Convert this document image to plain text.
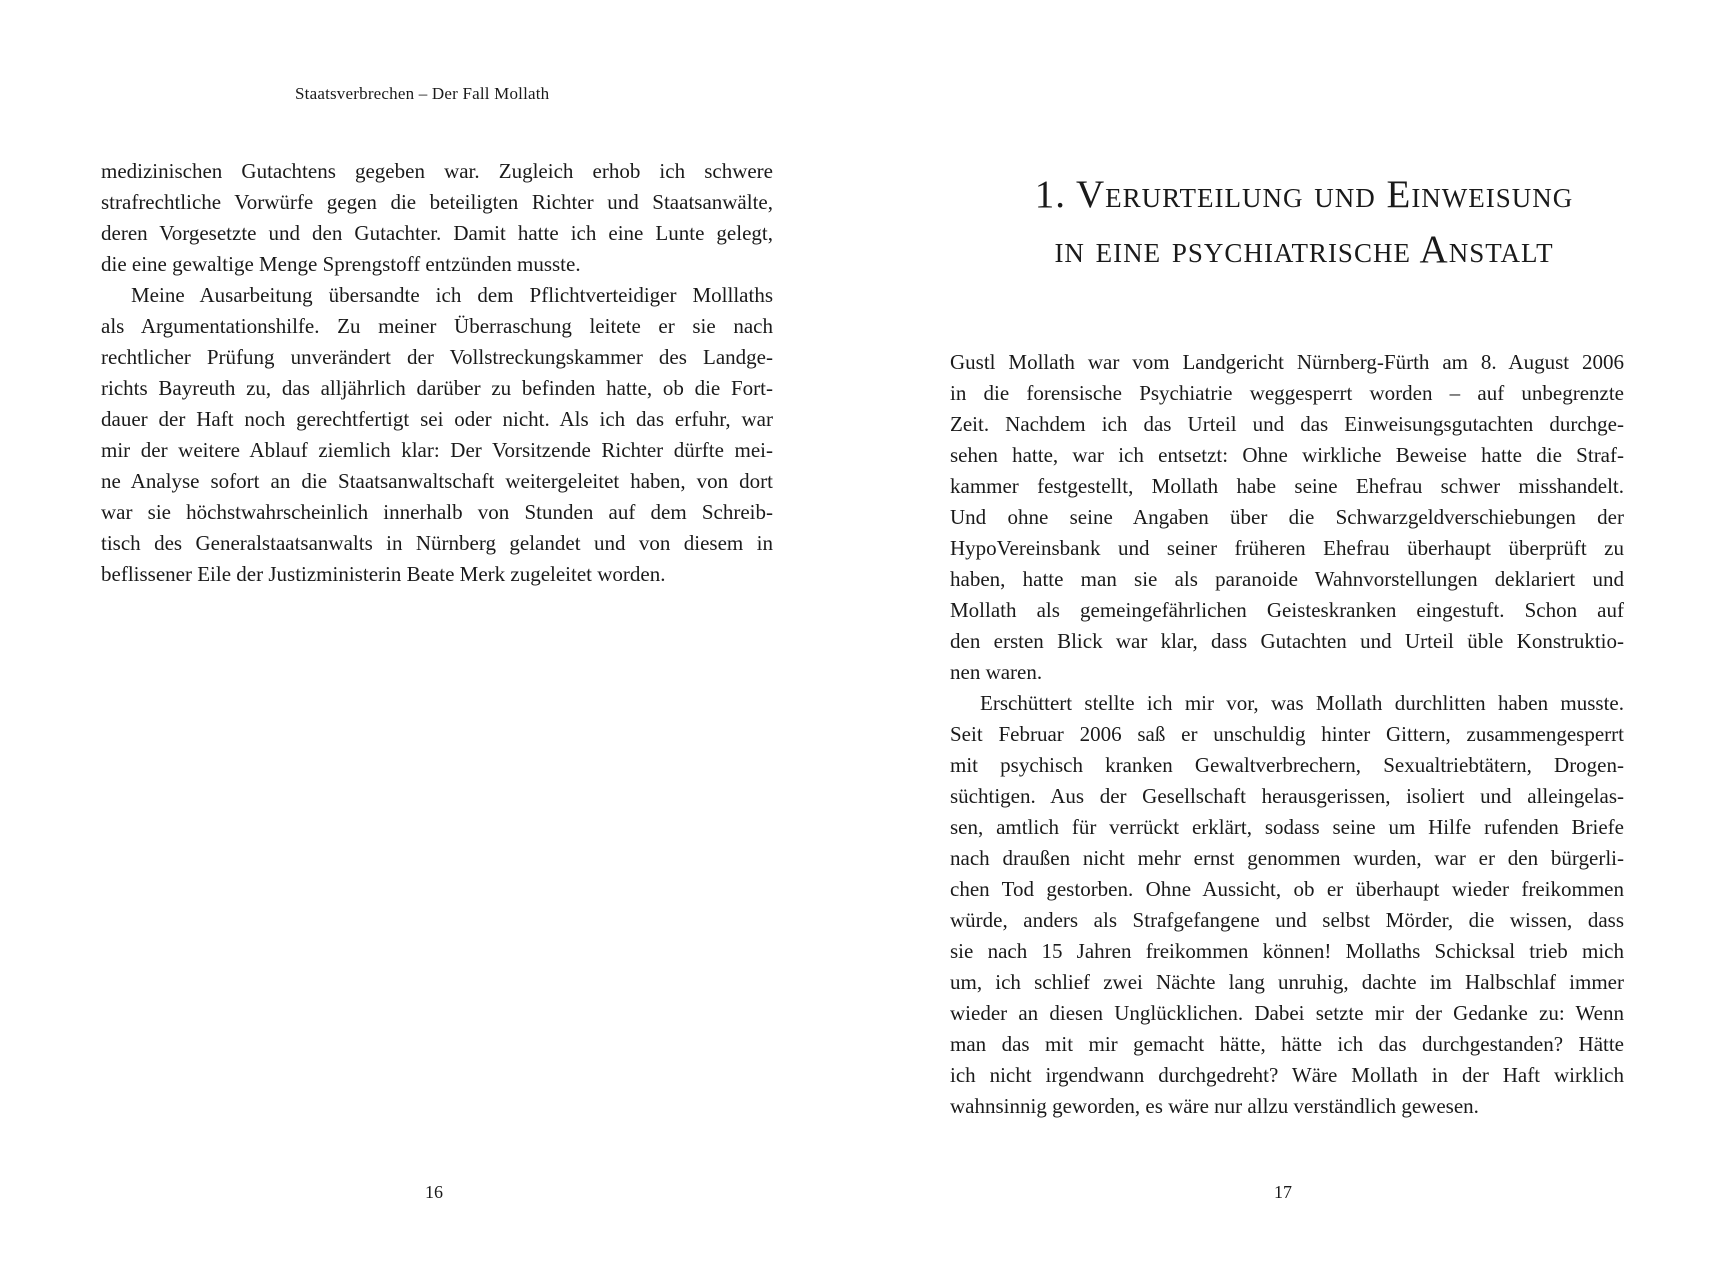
Staatsverbrechen – Der Fall Mollath
medizinischen Gutachtens gegeben war. Zugleich erhob ich schwere
strafrechtliche Vorwürfe gegen die beteiligten Richter und Staatsanwälte,
deren Vorgesetzte und den Gutachter. Damit hatte ich eine Lunte gelegt,
die eine gewaltige Menge Sprengstoff entzünden musste.
Meine Ausarbeitung übersandte ich dem Pflichtverteidiger Molllaths
als Argumentationshilfe. Zu meiner Überraschung leitete er sie nach
rechtlicher Prüfung unverändert der Vollstreckungskammer des Landge-
richts Bayreuth zu, das alljährlich darüber zu befinden hatte, ob die Fort-
dauer der Haft noch gerechtfertigt sei oder nicht. Als ich das erfuhr, war
mir der weitere Ablauf ziemlich klar: Der Vorsitzende Richter dürfte mei-
ne Analyse sofort an die Staatsanwaltschaft weitergeleitet haben, von dort
war sie höchstwahrscheinlich innerhalb von Stunden auf dem Schreib-
tisch des Generalstaatsanwalts in Nürnberg gelandet und von diesem in
beflissener Eile der Justizministerin Beate Merk zugeleitet worden.
16
1. Verurteilung und Einweisung
in eine psychiatrische Anstalt
Gustl Mollath war vom Landgericht Nürnberg-Fürth am 8. August 2006
in die forensische Psychiatrie weggesperrt worden – auf unbegrenzte
Zeit. Nachdem ich das Urteil und das Einweisungsgutachten durchge-
sehen hatte, war ich entsetzt: Ohne wirkliche Beweise hatte die Straf-
kammer festgestellt, Mollath habe seine Ehefrau schwer misshandelt.
Und ohne seine Angaben über die Schwarzgeldverschiebungen der
HypoVereinsbank und seiner früheren Ehefrau überhaupt überprüft zu
haben, hatte man sie als paranoide Wahnvorstellungen deklariert und
Mollath als gemeingefährlichen Geisteskranken eingestuft. Schon auf
den ersten Blick war klar, dass Gutachten und Urteil üble Konstruktio-
nen waren.
Erschüttert stellte ich mir vor, was Mollath durchlitten haben musste.
Seit Februar 2006 saß er unschuldig hinter Gittern, zusammengesperrt
mit psychisch kranken Gewaltverbrechern, Sexualtriebtätern, Drogen-
süchtigen. Aus der Gesellschaft herausgerissen, isoliert und alleingelas-
sen, amtlich für verrückt erklärt, sodass seine um Hilfe rufenden Briefe
nach draußen nicht mehr ernst genommen wurden, war er den bürgerli-
chen Tod gestorben. Ohne Aussicht, ob er überhaupt wieder freikommen
würde, anders als Strafgefangene und selbst Mörder, die wissen, dass
sie nach 15 Jahren freikommen können! Mollaths Schicksal trieb mich
um, ich schlief zwei Nächte lang unruhig, dachte im Halbschlaf immer
wieder an diesen Unglücklichen. Dabei setzte mir der Gedanke zu: Wenn
man das mit mir gemacht hätte, hätte ich das durchgestanden? Hätte
ich nicht irgendwann durchgedreht? Wäre Mollath in der Haft wirklich
wahnsinnig geworden, es wäre nur allzu verständlich gewesen.
17
